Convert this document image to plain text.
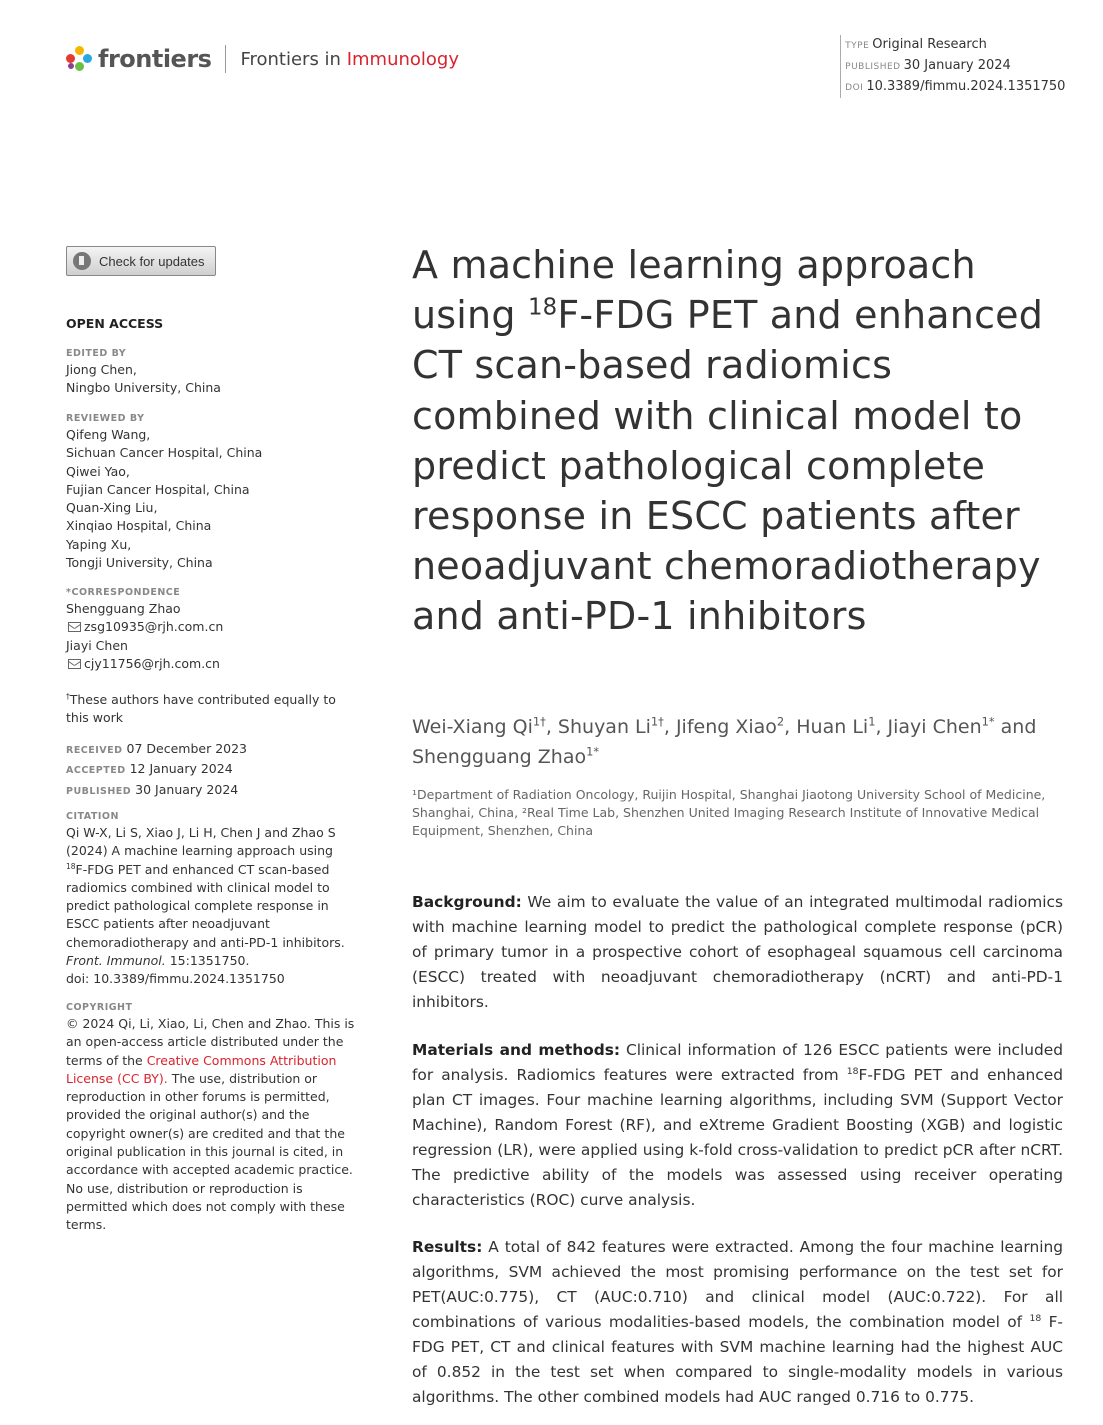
frontiers Frontiers in Immunology
TYPE Original Research
PUBLISHED 30 January 2024
DOI 10.3389/fimmu.2024.1351750
Check for updates
OPEN ACCESS
EDITED BY
Jiong Chen,
Ningbo University, China
REVIEWED BY
Qifeng Wang,
Sichuan Cancer Hospital, China
Qiwei Yao,
Fujian Cancer Hospital, China
Quan-Xing Liu,
Xinqiao Hospital, China
Yaping Xu,
Tongji University, China
*CORRESPONDENCE
Shengguang Zhao
zsg10935@rjh.com.cn
Jiayi Chen
cjy11756@rjh.com.cn
†These authors have contributed equally to this work
RECEIVED 07 December 2023
ACCEPTED 12 January 2024
PUBLISHED 30 January 2024
CITATION
Qi W-X, Li S, Xiao J, Li H, Chen J and Zhao S (2024) A machine learning approach using
$^{18}$F-FDG PET and enhanced CT scan-based radiomics combined with clinical model to predict pathological complete response in ESCC patients after neoadjuvant chemoradiotherapy and anti-PD-1 inhibitors.
Front. Immunol. 15:1351750.
doi: 10.3389/fimmu.2024.1351750
COPYRIGHT
© 2024 Qi, Li, Xiao, Li, Chen and Zhao. This is an open-access article distributed under the terms of the Creative Commons Attribution License (CC BY). The use, distribution or reproduction in other forums is permitted, provided the original author(s) and the copyright owner(s) are credited and that the original publication in this journal is cited, in accordance with accepted academic practice. No use, distribution or reproduction is permitted which does not comply with these terms.
A machine learning approach using $^{18}$F-FDG PET and enhanced CT scan-based radiomics combined with clinical model to predict pathological complete response in ESCC patients after neoadjuvant chemoradiotherapy and anti-PD-1 inhibitors
Wei-Xiang $Qi^{1\dagger}$, Shuyan $Li^{1\dagger}$, Jifeng Xiao$^2$, Huan Li$^1$, Jiayi Chen$^{1*}$ and Shengguang Zhao$^{1*}$
¹Department of Radiation Oncology, Ruijin Hospital, Shanghai Jiaotong University School of Medicine, Shanghai, China, ²Real Time Lab, Shenzhen United Imaging Research Institute of Innovative Medical Equipment, Shenzhen, China
Background: We aim to evaluate the value of an integrated multimodal radiomics with machine learning model to predict the pathological complete response (pCR) of primary tumor in a prospective cohort of esophageal squamous cell carcinoma (ESCC) treated with neoadjuvant chemoradiotherapy (nCRT) and anti-PD-1 inhibitors.
Materials and methods: Clinical information of 126 ESCC patients were included for analysis. Radiomics features were extracted from $^{18}$F-FDG PET and enhanced plan CT images. Four machine learning algorithms, including SVM (Support Vector Machine), Random Forest (RF), and eXtreme Gradient Boosting (XGB) and logistic regression (LR), were applied using k-fold cross-validation to predict pCR after nCRT. The predictive ability of the models was assessed using receiver operating characteristics (ROC) curve analysis.
Results: A total of 842 features were extracted. Among the four machine learning algorithms, SVM achieved the most promising performance on the test set for PET(AUC:0.775), CT (AUC:0.710) and clinical model (AUC:0.722). For all combinations of various modalities-based models, the combination model of $^{18}$ F-FDG PET, CT and clinical features with SVM machine learning had the highest AUC of 0.852 in the test set when compared to single-modality models in various algorithms. The other combined models had AUC ranged 0.716 to 0.775.
